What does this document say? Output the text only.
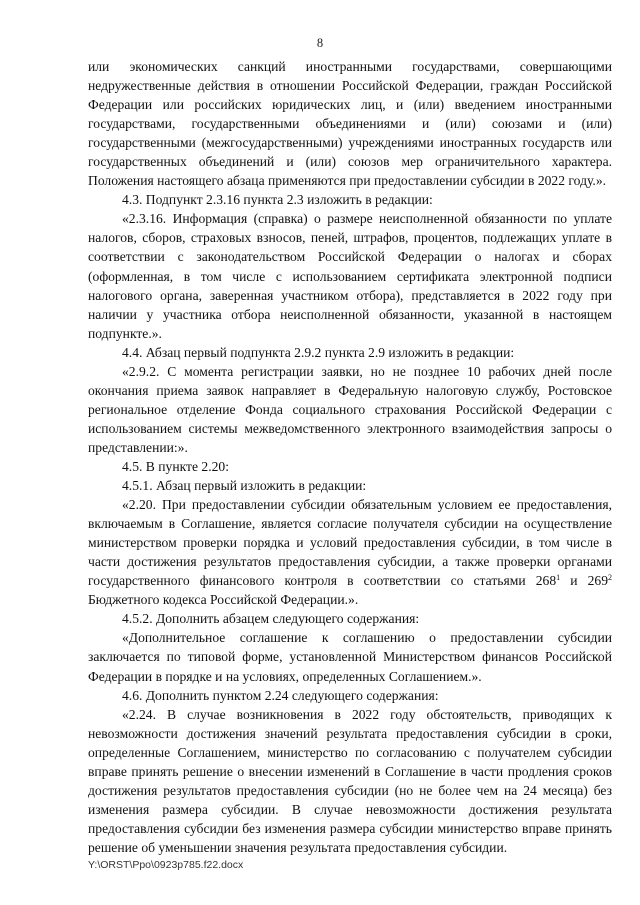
8

или экономических санкций иностранными государствами, совершающими недружественные действия в отношении Российской Федерации, граждан Российской Федерации или российских юридических лиц, и (или) введением иностранными государствами, государственными объединениями и (или) союзами и (или) государственными (межгосударственными) учреждениями иностранных государств или государственных объединений и (или) союзов мер ограничительного характера. Положения настоящего абзаца применяются при предоставлении субсидии в 2022 году.».

4.3. Подпункт 2.3.16 пункта 2.3 изложить в редакции:

«2.3.16. Информация (справка) о размере неисполненной обязанности по уплате налогов, сборов, страховых взносов, пеней, штрафов, процентов, подлежащих уплате в соответствии с законодательством Российской Федерации о налогах и сборах (оформленная, в том числе с использованием сертификата электронной подписи налогового органа, заверенная участником отбора), представляется в 2022 году при наличии у участника отбора неисполненной обязанности, указанной в настоящем подпункте.».

4.4. Абзац первый подпункта 2.9.2 пункта 2.9 изложить в редакции:

«2.9.2. С момента регистрации заявки, но не позднее 10 рабочих дней после окончания приема заявок направляет в Федеральную налоговую службу, Ростовское региональное отделение Фонда социального страхования Российской Федерации с использованием системы межведомственного электронного взаимодействия запросы о представлении:».

4.5. В пункте 2.20:

4.5.1. Абзац первый изложить в редакции:

«2.20. При предоставлении субсидии обязательным условием ее предоставления, включаемым в Соглашение, является согласие получателя субсидии на осуществление министерством проверки порядка и условий предоставления субсидии, в том числе в части достижения результатов предоставления субсидии, а также проверки органами государственного финансового контроля в соответствии со статьями $268^1$ и $269^2$ Бюджетного кодекса Российской Федерации.».

4.5.2. Дополнить абзацем следующего содержания:

«Дополнительное соглашение к соглашению о предоставлении субсидии заключается по типовой форме, установленной Министерством финансов Российской Федерации в порядке и на условиях, определенных Соглашением.».

4.6. Дополнить пунктом 2.24 следующего содержания:

«2.24. В случае возникновения в 2022 году обстоятельств, приводящих к невозможности достижения значений результата предоставления субсидии в сроки, определенные Соглашением, министерство по согласованию с получателем субсидии вправе принять решение о внесении изменений в Соглашение в части продления сроков достижения результатов предоставления субсидии (но не более чем на 24 месяца) без изменения размера субсидии. В случае невозможности достижения результата предоставления субсидии без изменения размера субсидии министерство вправе принять решение об уменьшении значения результата предоставления субсидии.

Y:\ORST\Ppo\0923p785.f22.docx
